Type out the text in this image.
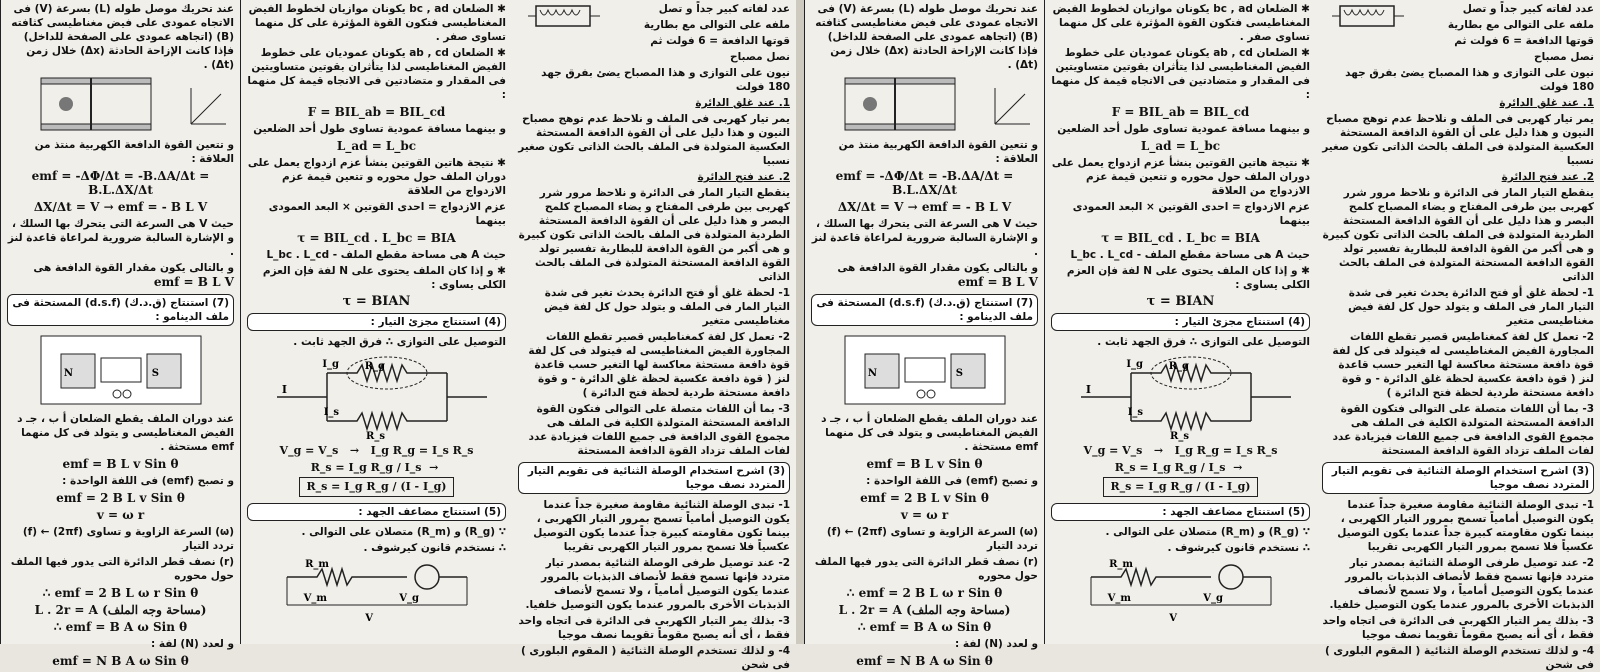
عدد لفاته كبير جداً و تصل

ملفه على التوالى مع بطارية

قوتها الدافعة = 6 فولت ثم

نصل مصباح

نيون على التوازى و هذا المصباح يضئ بفرق جهد 180 فولت

1. عند غلق الدائرة

يمر تيار كهربى فى الملف و نلاحظ عدم توهج مصباح النيون و هذا دليل على أن القوة الدافعة المستحثة العكسية المتولدة فى الملف بالحث الذاتى تكون صغير نسبيا

2. عند فتح الدائرة

ينقطع التيار المار فى الدائرة و نلاحظ مرور شرر كهربى بين طرفى المفتاح و يضاء المصباح كلمح البصر و هذا دليل على أن القوة الدافعة المستحثة الطردية المتولدة فى الملف بالحث الذاتى تكون كبيرة و هى أكبر من القوة الدافعة للبطارية تفسير تولد القوة الدافعة المستحثة المتولدة فى الملف بالحث الذاتى

1- لحظة غلق أو فتح الدائرة يحدث تغير فى شدة التيار المار فى الملف و يتولد حول كل لفة فيض مغناطيسى متغير

2- تعمل كل لفة كمغناطيس قصير تقطع اللفات المجاورة الفيض المغناطيسى له فيتولد فى كل لفة قوة دافعة مستحثة معاكسة لها التغير حسب قاعدة لنز ( قوة دافعة عكسية لحظة غلق الدائرة - و قوة دافعة مستحثة طردية لحظة فتح الدائرة )

3- بما أن اللفات متصلة على التوالى فتكون القوة الدافعة المستحثة المتولدة الكلية فى الملف هى مجموع القوى الدافعة فى جميع اللفات فيزيادة عدد لفات الملف تزداد القوة الدافعة المستحثة

(3) اشرح استخدام الوصلة الثنائية فى تقويم التيار المتردد نصف موجيا

1- تبدى الوصلة الثنائية مقاومة صغيرة جداً عندما يكون التوصيل أمامياً تسمح بمرور التيار الكهربى ، بينما تكون مقاومته كبيرة جداً عندما يكون التوصيل عكسياً فلا تسمح بمرور التيار الكهربى تقريبا

2- عند توصيل طرفى الوصلة الثنائية بمصدر تيار متردد فإنها تسمح فقط لأنصاف الذبذبات بالمرور عندما يكون التوصيل أمامياً ، ولا تسمح لأنصاف الذبذبات الأخرى بالمرور عندما يكون التوصيل خلفيا.

3- بذلك يمر التيار الكهربى فى الدائرة فى اتجاه واحد فقط ، أى أنه يصبح مقوماً تقويما نصف موجيا

4- و لذلك تستخدم الوصلة الثنائية ( المقوم البلورى ) فى شحن

✱ الضلعان bc , ad يكونان موازيان لخطوط الفيض المغناطيسى فتكون القوة المؤثرة على كل منهما تساوى صفر .

✱ الضلعان ab , cd يكونان عموديان على خطوط الفيض المغناطيسى لذا يتأثران بقوتين متساويتين فى المقدار و متضادتين فى الاتجاه قيمة كل منهما :

F = BIL_ab = BIL_cd

و بينهما مسافة عمودية تساوى طول أحد الضلعين

L_ad = L_bc

✱ نتيجة هاتين القوتين ينشأ عزم ازدواج يعمل على دوران الملف حول محوره و تتعين قيمة عزم الازدواج من العلاقة

عزم الازدواج = احدى القوتين × البعد العمودى بينهما

τ = BIL_cd . L_bc = BIA

حيث A هى مساحة مقطع الملف - L_bc . L_cd

✱ و إذا كان الملف يحتوى على N لفة فإن العزم الكلى يساوى :

τ = BIAN
(4) استنتاج مجزئ التيار :

التوصيل على التوازى ∴ فرق الجهد ثابت .

R_g
I_g
I_s
R_s
I
V_g = V_s   →   I_g R_g = I_s R_s
R_s = I_g R_g / I_s  →  R_s = I_g R_g / (I - I_g)
(5) استنتاج مضاعف الجهد :

∵ (R_g) و (R_m) متصلان على التوالى .

∴ نستخدم قانون كيرشوف .

R_m
V_m	V_g
V

عند تحريك موصل طوله (L) بسرعة (V) فى الاتجاه عمودى على فيض مغناطيسى كثافته (B) (اتجاهه عمودى على الصفحة للداخل) فإذا كانت الإزاحة الحادثة (Δx) خلال زمن (Δt) .

و تتعين القوة الدافعة الكهربية منتذ من العلاقة :

emf = -ΔΦ/Δt = -B.ΔA/Δt = B.L.ΔX/Δt
ΔX/Δt = V → emf = - B L V

حيث V هى السرعة التى يتحرك بها السلك ، و الإشارة السالبة ضرورية لمراعاة قاعدة لنز .

و بالتالى يكون مقدار القوة الدافعة هى emf = B L V

(7) استنتاج (ق.د.ك) (d.s.f) المستحثة فى ملف الدينامو :
N	S

عند دوران الملف يقطع الضلعان أ ب ، جـ د الفيض المغناطيسى و يتولد فى كل منهما emf مستحثة .

emf = B L v Sin θ

و تصبح (emf) فى اللفة الواحدة :

emf = 2 B L v Sin θ
v = ω r

(ω) السرعة الزاوية و تساوى (2πf) ← (f) تردد التيار

(r) نصف قطر الدائرة التى يدور فيها الملف حول محوره

∴ emf = 2 B L ω r Sin θ
L . 2r = A (مساحة وجه الملف)
∴ emf = B A ω Sin θ

و لعدد (N) لفة :

emf = N B A ω Sin θ

عدد لفاته كبير جداً و تصل

ملفه على التوالى مع بطارية

قوتها الدافعة = 6 فولت ثم

نصل مصباح

نيون على التوازى و هذا المصباح يضئ بفرق جهد 180 فولت

1. عند غلق الدائرة

يمر تيار كهربى فى الملف و نلاحظ عدم توهج مصباح النيون و هذا دليل على أن القوة الدافعة المستحثة العكسية المتولدة فى الملف بالحث الذاتى تكون صغير نسبيا

2. عند فتح الدائرة

ينقطع التيار المار فى الدائرة و نلاحظ مرور شرر كهربى بين طرفى المفتاح و يضاء المصباح كلمح البصر و هذا دليل على أن القوة الدافعة المستحثة الطردية المتولدة فى الملف بالحث الذاتى تكون كبيرة و هى أكبر من القوة الدافعة للبطارية تفسير تولد القوة الدافعة المستحثة المتولدة فى الملف بالحث الذاتى

1- لحظة غلق أو فتح الدائرة يحدث تغير فى شدة التيار المار فى الملف و يتولد حول كل لفة فيض مغناطيسى متغير

2- تعمل كل لفة كمغناطيس قصير تقطع اللفات المجاورة الفيض المغناطيسى له فيتولد فى كل لفة قوة دافعة مستحثة معاكسة لها التغير حسب قاعدة لنز ( قوة دافعة عكسية لحظة غلق الدائرة - و قوة دافعة مستحثة طردية لحظة فتح الدائرة )

3- بما أن اللفات متصلة على التوالى فتكون القوة الدافعة المستحثة المتولدة الكلية فى الملف هى مجموع القوى الدافعة فى جميع اللفات فيزيادة عدد لفات الملف تزداد القوة الدافعة المستحثة

(3) اشرح استخدام الوصلة الثنائية فى تقويم التيار المتردد نصف موجيا

1- تبدى الوصلة الثنائية مقاومة صغيرة جداً عندما يكون التوصيل أمامياً تسمح بمرور التيار الكهربى ، بينما تكون مقاومته كبيرة جداً عندما يكون التوصيل عكسياً فلا تسمح بمرور التيار الكهربى تقريبا

2- عند توصيل طرفى الوصلة الثنائية بمصدر تيار متردد فإنها تسمح فقط لأنصاف الذبذبات بالمرور عندما يكون التوصيل أمامياً ، ولا تسمح لأنصاف الذبذبات الأخرى بالمرور عندما يكون التوصيل خلفيا.

3- بذلك يمر التيار الكهربى فى الدائرة فى اتجاه واحد فقط ، أى أنه يصبح مقوماً تقويما نصف موجيا

4- و لذلك تستخدم الوصلة الثنائية ( المقوم البلورى ) فى شحن

✱ الضلعان bc , ad يكونان موازيان لخطوط الفيض المغناطيسى فتكون القوة المؤثرة على كل منهما تساوى صفر .

✱ الضلعان ab , cd يكونان عموديان على خطوط الفيض المغناطيسى لذا يتأثران بقوتين متساويتين فى المقدار و متضادتين فى الاتجاه قيمة كل منهما :

F = BIL_ab = BIL_cd

و بينهما مسافة عمودية تساوى طول أحد الضلعين

L_ad = L_bc

✱ نتيجة هاتين القوتين ينشأ عزم ازدواج يعمل على دوران الملف حول محوره و تتعين قيمة عزم الازدواج من العلاقة

عزم الازدواج = احدى القوتين × البعد العمودى بينهما

τ = BIL_cd . L_bc = BIA

حيث A هى مساحة مقطع الملف - L_bc . L_cd

✱ و إذا كان الملف يحتوى على N لفة فإن العزم الكلى يساوى :

τ = BIAN
(4) استنتاج مجزئ التيار :

التوصيل على التوازى ∴ فرق الجهد ثابت .

R_g
I_g
I_s
R_s
I
V_g = V_s   →   I_g R_g = I_s R_s
R_s = I_g R_g / I_s  →  R_s = I_g R_g / (I - I_g)
(5) استنتاج مضاعف الجهد :

∵ (R_g) و (R_m) متصلان على التوالى .

∴ نستخدم قانون كيرشوف .

R_m
V_m	V_g
V

عند تحريك موصل طوله (L) بسرعة (V) فى الاتجاه عمودى على فيض مغناطيسى كثافته (B) (اتجاهه عمودى على الصفحة للداخل) فإذا كانت الإزاحة الحادثة (Δx) خلال زمن (Δt) .

و تتعين القوة الدافعة الكهربية منتذ من العلاقة :

emf = -ΔΦ/Δt = -B.ΔA/Δt = B.L.ΔX/Δt
ΔX/Δt = V → emf = - B L V

حيث V هى السرعة التى يتحرك بها السلك ، و الإشارة السالبة ضرورية لمراعاة قاعدة لنز .

و بالتالى يكون مقدار القوة الدافعة هى emf = B L V

(7) استنتاج (ق.د.ك) (d.s.f) المستحثة فى ملف الدينامو :
N	S

عند دوران الملف يقطع الضلعان أ ب ، جـ د الفيض المغناطيسى و يتولد فى كل منهما emf مستحثة .

emf = B L v Sin θ

و تصبح (emf) فى اللفة الواحدة :

emf = 2 B L v Sin θ
v = ω r

(ω) السرعة الزاوية و تساوى (2πf) ← (f) تردد التيار

(r) نصف قطر الدائرة التى يدور فيها الملف حول محوره

∴ emf = 2 B L ω r Sin θ
L . 2r = A (مساحة وجه الملف)
∴ emf = B A ω Sin θ

و لعدد (N) لفة :

emf = N B A ω Sin θ
